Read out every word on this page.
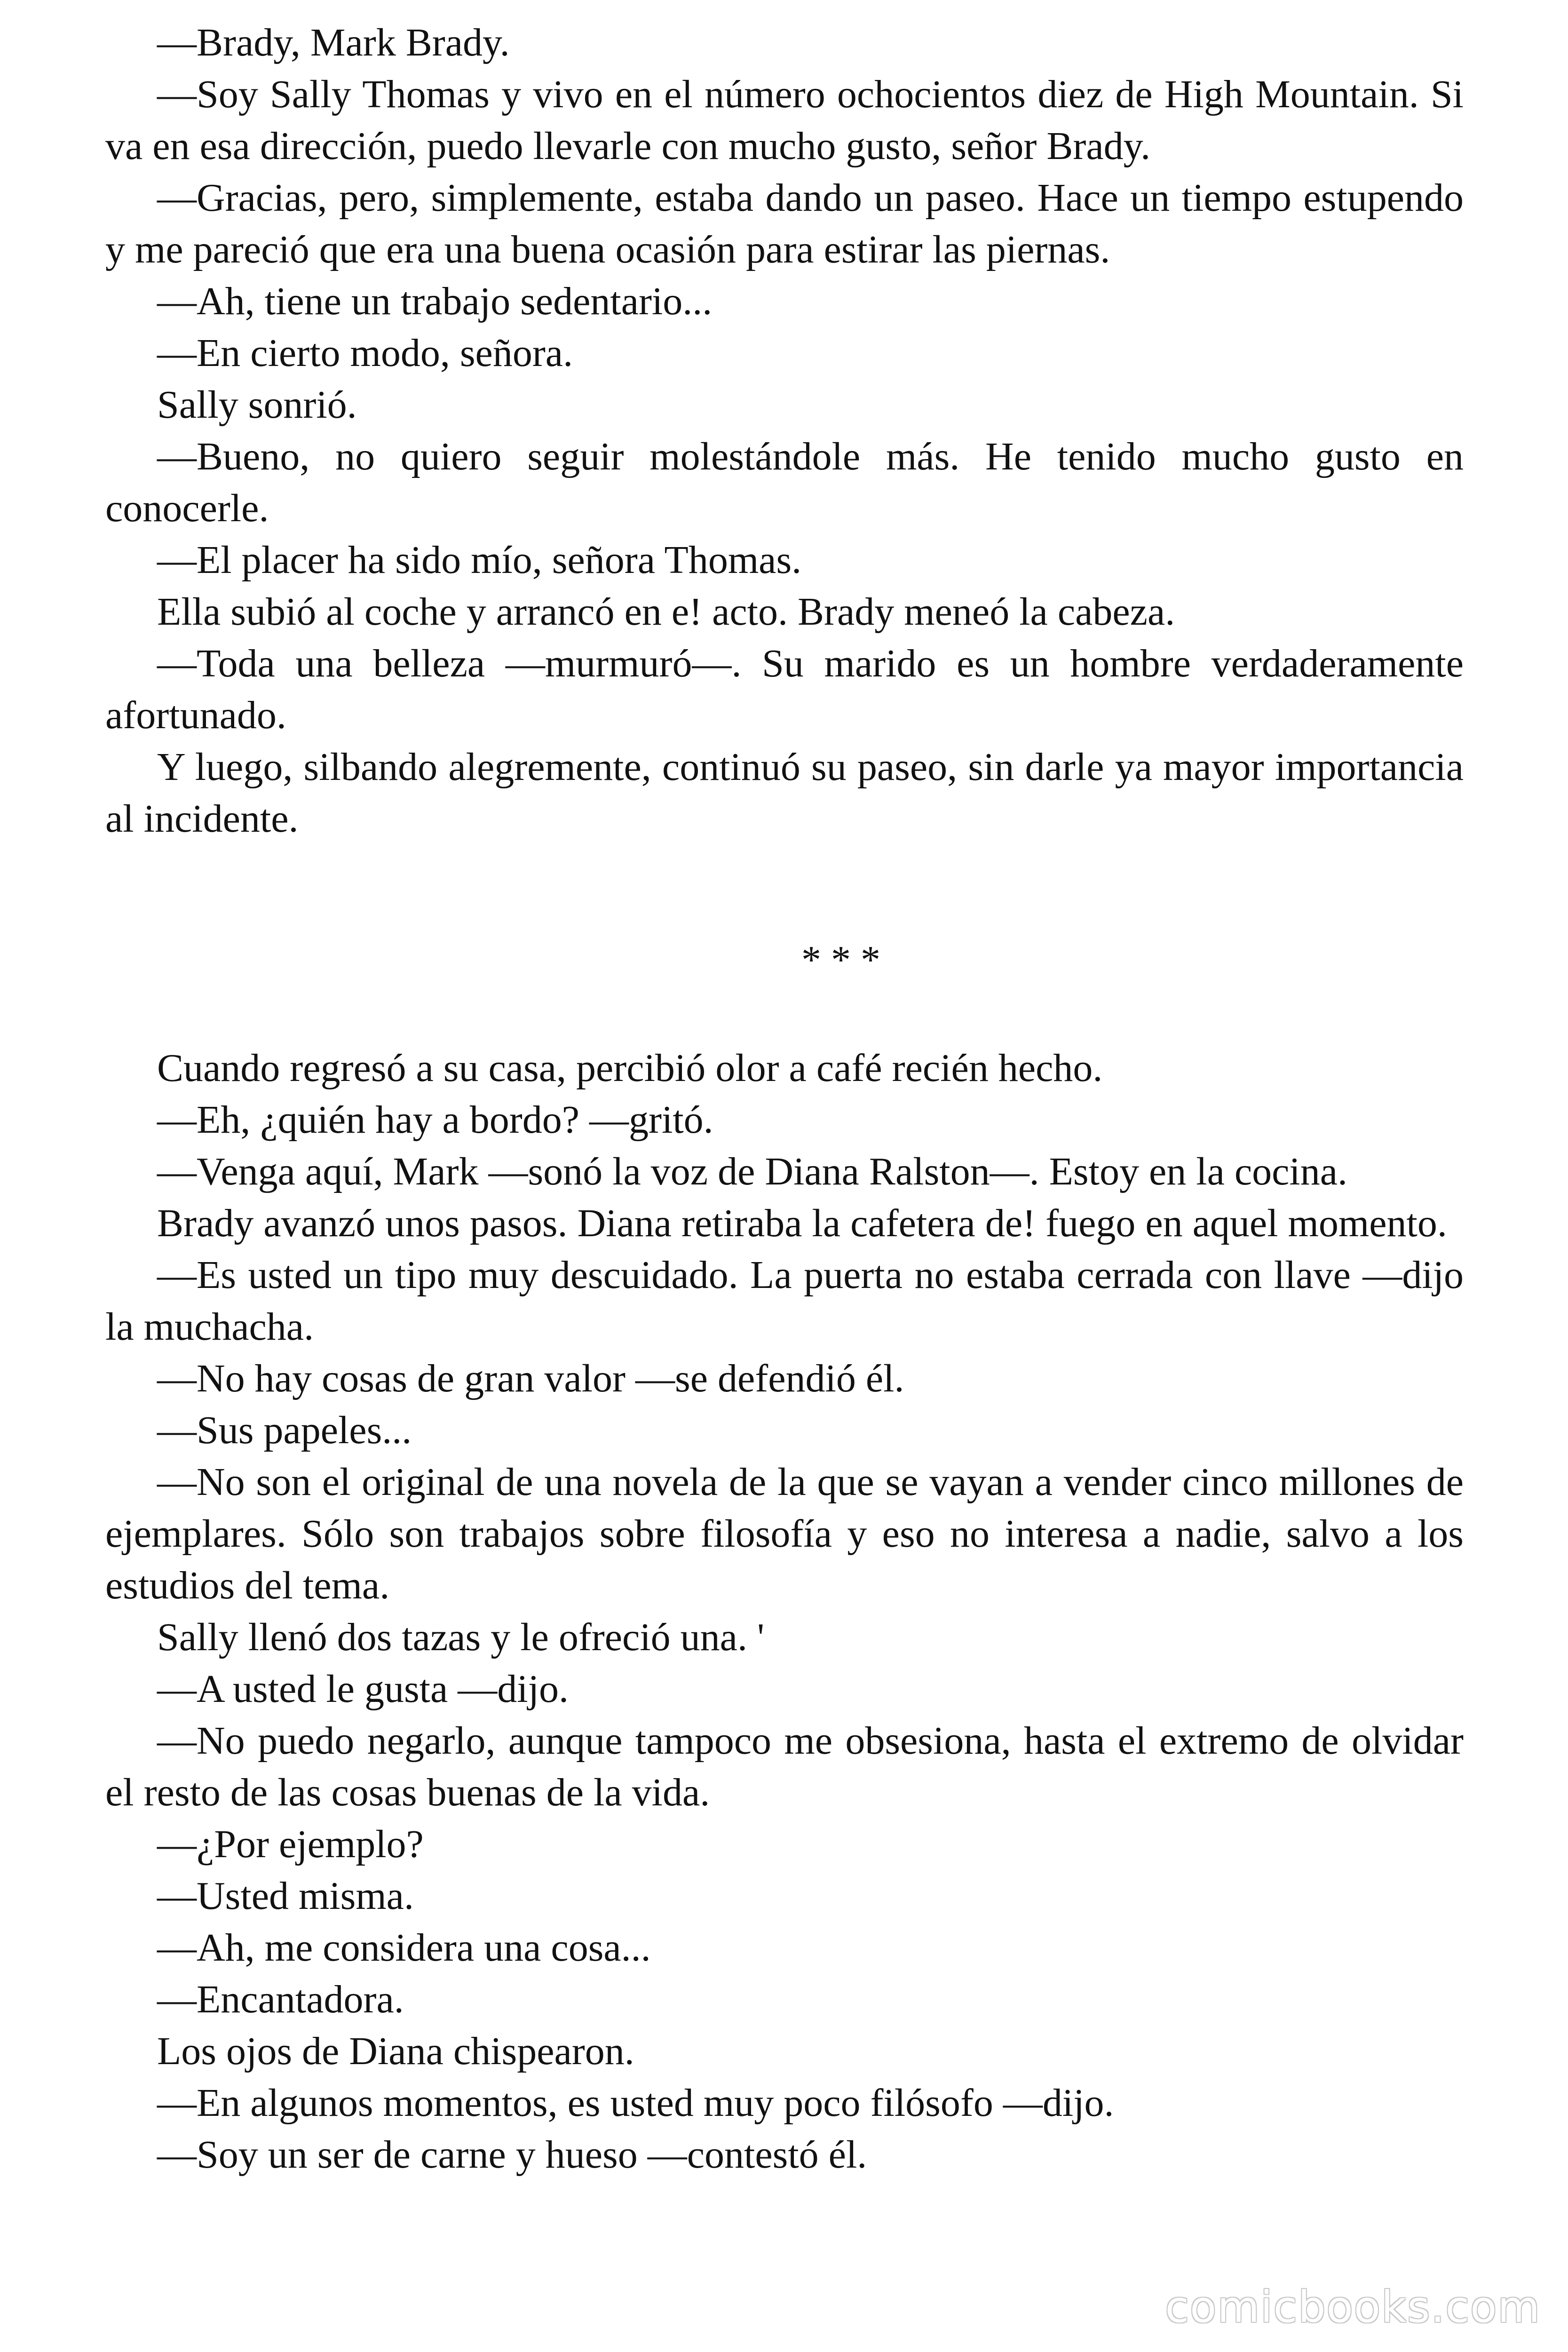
—Brady, Mark Brady.

—Soy Sally Thomas y vivo en el número ochocientos diez de High Mountain. Si va en esa dirección, puedo llevarle con mucho gusto, señor Brady.

—Gracias, pero, simplemente, estaba dando un paseo. Hace un tiempo estupendo y me pareció que era una buena ocasión para estirar las piernas.

—Ah, tiene un trabajo sedentario...

—En cierto modo, señora.

Sally sonrió.

—Bueno, no quiero seguir molestándole más. He tenido mucho gusto en conocerle.

—El placer ha sido mío, señora Thomas.

Ella subió al coche y arrancó en e! acto. Brady meneó la cabeza.

—Toda una belleza —murmuró—. Su marido es un hombre verdaderamente afortunado.

Y luego, silbando alegremente, continuó su paseo, sin darle ya mayor importancia al incidente.

* * *

Cuando regresó a su casa, percibió olor a café recién hecho.

—Eh, ¿quién hay a bordo? —gritó.

—Venga aquí, Mark —sonó la voz de Diana Ralston—. Estoy en la cocina.

Brady avanzó unos pasos. Diana retiraba la cafetera de! fuego en aquel momento.

—Es usted un tipo muy descuidado. La puerta no estaba cerrada con llave —dijo la muchacha.

—No hay cosas de gran valor —se defendió él.

—Sus papeles...

—No son el original de una novela de la que se vayan a vender cinco millones de ejemplares. Sólo son trabajos sobre filosofía y eso no interesa a nadie, salvo a los estudios del tema.

Sally llenó dos tazas y le ofreció una. '

—A usted le gusta —dijo.

—No puedo negarlo, aunque tampoco me obsesiona, hasta el extremo de olvidar el resto de las cosas buenas de la vida.

—¿Por ejemplo?

—Usted misma.

—Ah, me considera una cosa...

—Encantadora.

Los ojos de Diana chispearon.

—En algunos momentos, es usted muy poco filósofo —dijo.

—Soy un ser de carne y hueso —contestó él.

comicbooks.com
